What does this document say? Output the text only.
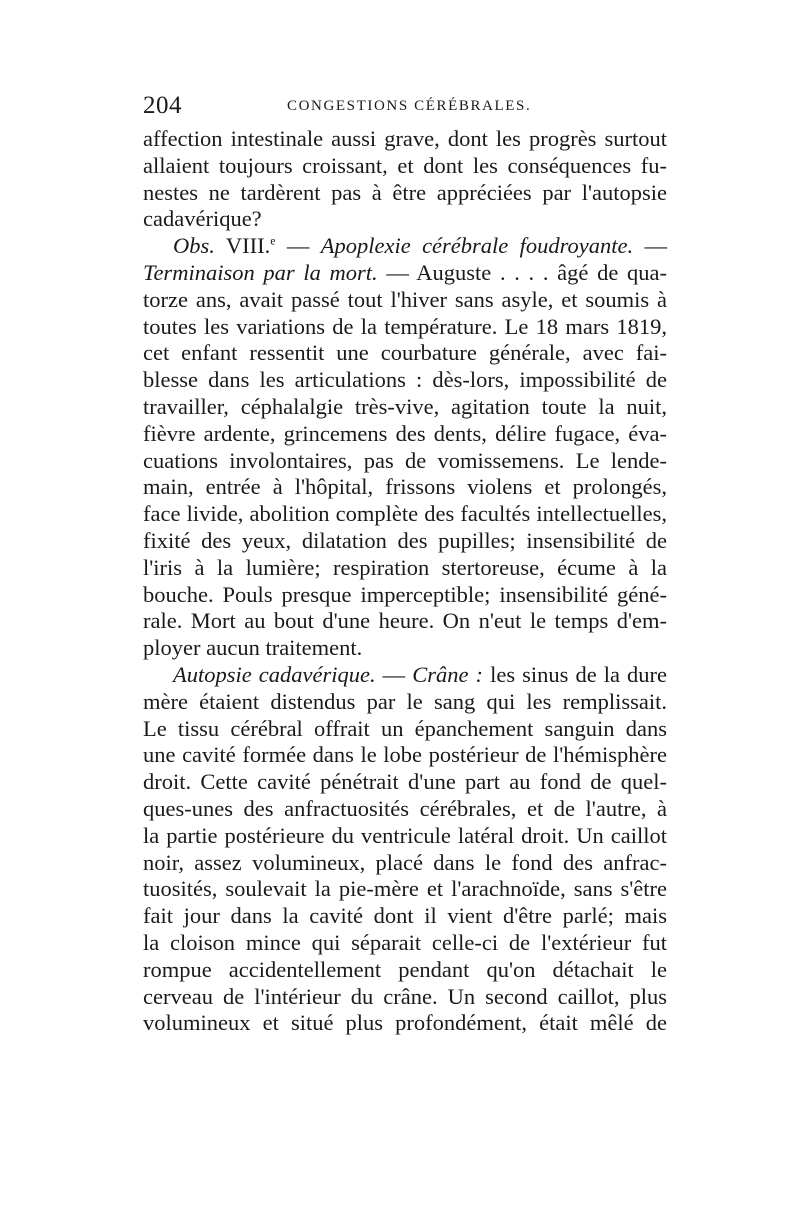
204	CONGESTIONS CÉRÉBRALES.
affection intestinale aussi grave, dont les progrès surtout
allaient toujours croissant, et dont les conséquences fu-
nestes ne tardèrent pas à être appréciées par l'autopsie
cadavérique?
Obs. VIII.$^e$ — Apoplexie cérébrale foudroyante. —
Terminaison par la mort. — Auguste . . . . âgé de qua-
torze ans, avait passé tout l'hiver sans asyle, et soumis à
toutes les variations de la température. Le 18 mars 1819,
cet enfant ressentit une courbature générale, avec fai-
blesse dans les articulations : dès-lors, impossibilité de
travailler, céphalalgie très-vive, agitation toute la nuit,
fièvre ardente, grincemens des dents, délire fugace, éva-
cuations involontaires, pas de vomissemens. Le lende-
main, entrée à l'hôpital, frissons violens et prolongés,
face livide, abolition complète des facultés intellectuelles,
fixité des yeux, dilatation des pupilles; insensibilité de
l'iris à la lumière; respiration stertoreuse, écume à la
bouche. Pouls presque imperceptible; insensibilité géné-
rale. Mort au bout d'une heure. On n'eut le temps d'em-
ployer aucun traitement.
Autopsie cadavérique. — Crâne : les sinus de la dure
mère étaient distendus par le sang qui les remplissait.
Le tissu cérébral offrait un épanchement sanguin dans
une cavité formée dans le lobe postérieur de l'hémisphère
droit. Cette cavité pénétrait d'une part au fond de quel-
ques-unes des anfractuosités cérébrales, et de l'autre, à
la partie postérieure du ventricule latéral droit. Un caillot
noir, assez volumineux, placé dans le fond des anfrac-
tuosités, soulevait la pie-mère et l'arachnoïde, sans s'être
fait jour dans la cavité dont il vient d'être parlé; mais
la cloison mince qui séparait celle-ci de l'extérieur fut
rompue accidentellement pendant qu'on détachait le
cerveau de l'intérieur du crâne. Un second caillot, plus
volumineux et situé plus profondément, était mêlé de
